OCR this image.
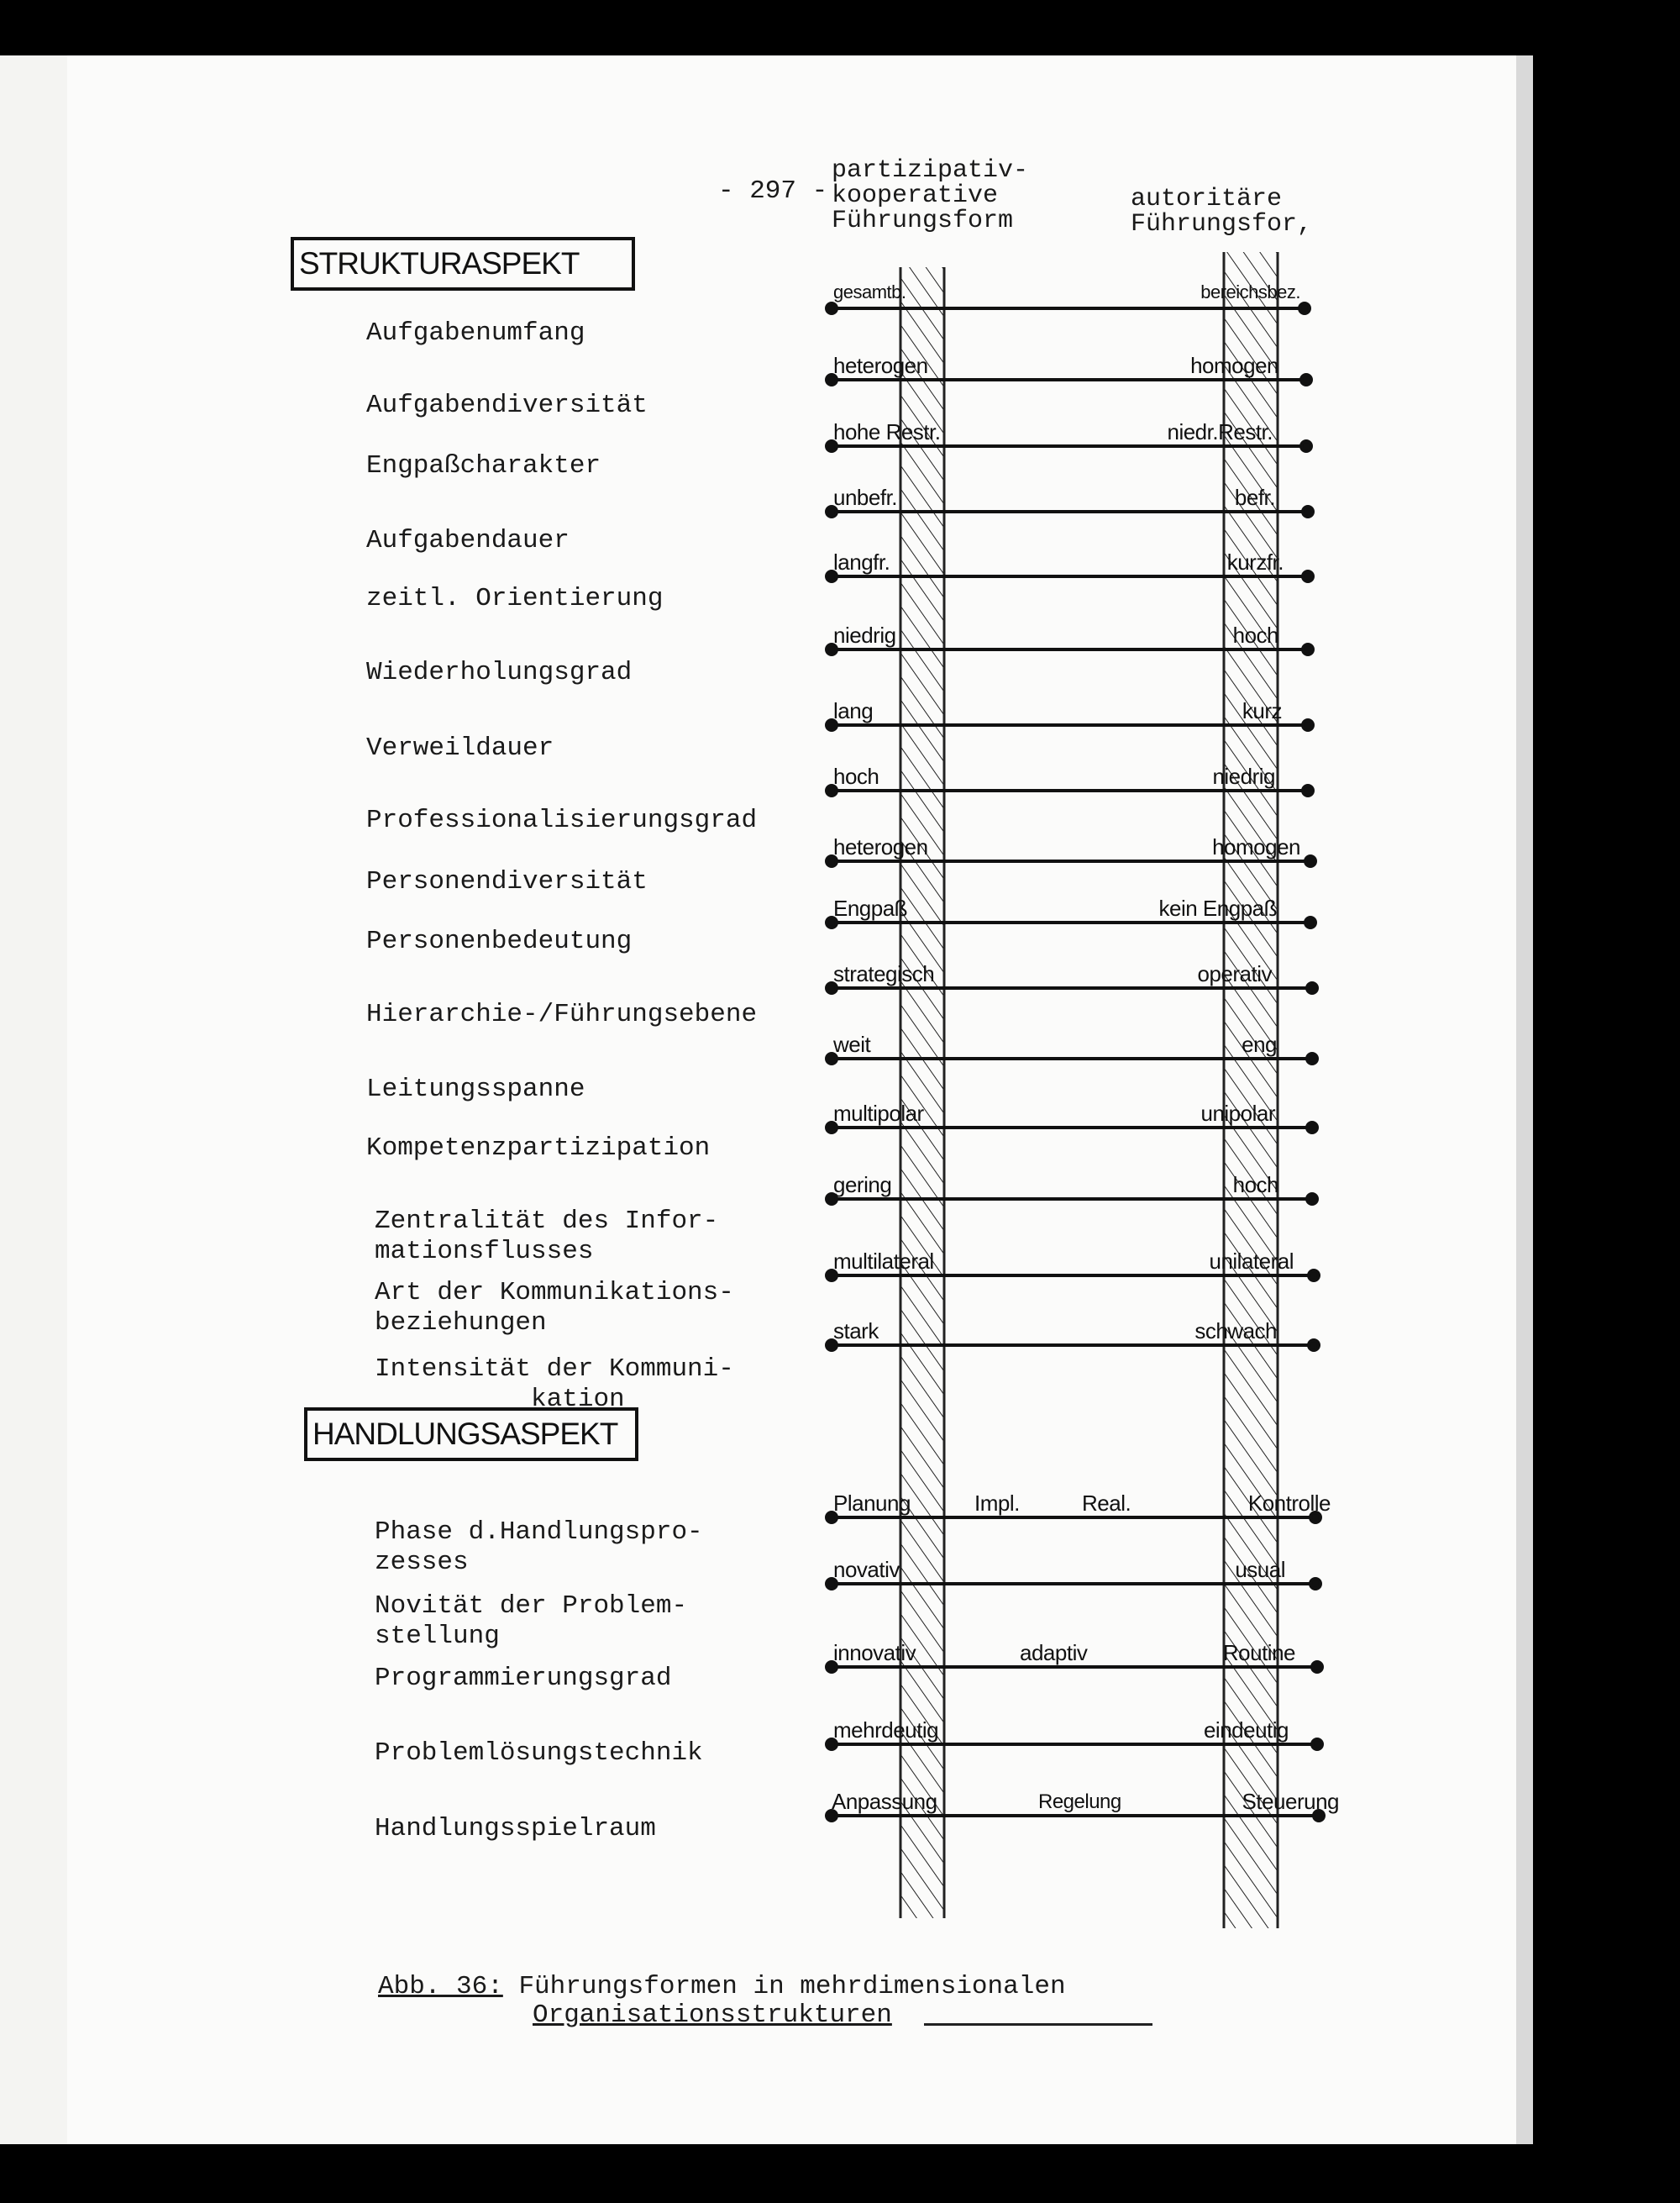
- 297 -
partizipativ-
kooperative
Führungsform
autoritäre
Führungsfor,
STRUKTURASPEKT
HANDLUNGSASPEKT
Aufgabenumfang
Aufgabendiversität
Engpaßcharakter
Aufgabendauer
zeitl. Orientierung
Wiederholungsgrad
Verweildauer
Professionalisierungsgrad
Personendiversität
Personenbedeutung
Hierarchie-/Führungsebene
Leitungsspanne
Kompetenzpartizipation
Zentralität des Infor-
mationsflusses
Art der Kommunikations-
beziehungen
Intensität der Kommuni-
kation
Phase d.Handlungspro-
zesses
Novität der Problem-
stellung
Programmierungsgrad
Problemlösungstechnik
Handlungsspielraum
gesamtb.
heterogen
hohe Restr.
unbefr.
langfr.
niedrig
lang
hoch
heterogen
Engpaß
strategisch
weit
multipolar
gering
multilateral
stark
Planung
novativ
innovativ
mehrdeutig
Anpassung
Impl.	Real.
adaptiv
Regelung
bereichsbez.
homogen
niedr.Restr.
befr.
kurzfr.
hoch
kurz
niedrig
homogen
kein Engpaß
operativ
eng
unipolar
hoch
unilateral
schwach
Kontrolle
usual
Routine
eindeutig
Steuerung
Abb. 36: Führungsformen in mehrdimensionalen
Organisationsstrukturen
